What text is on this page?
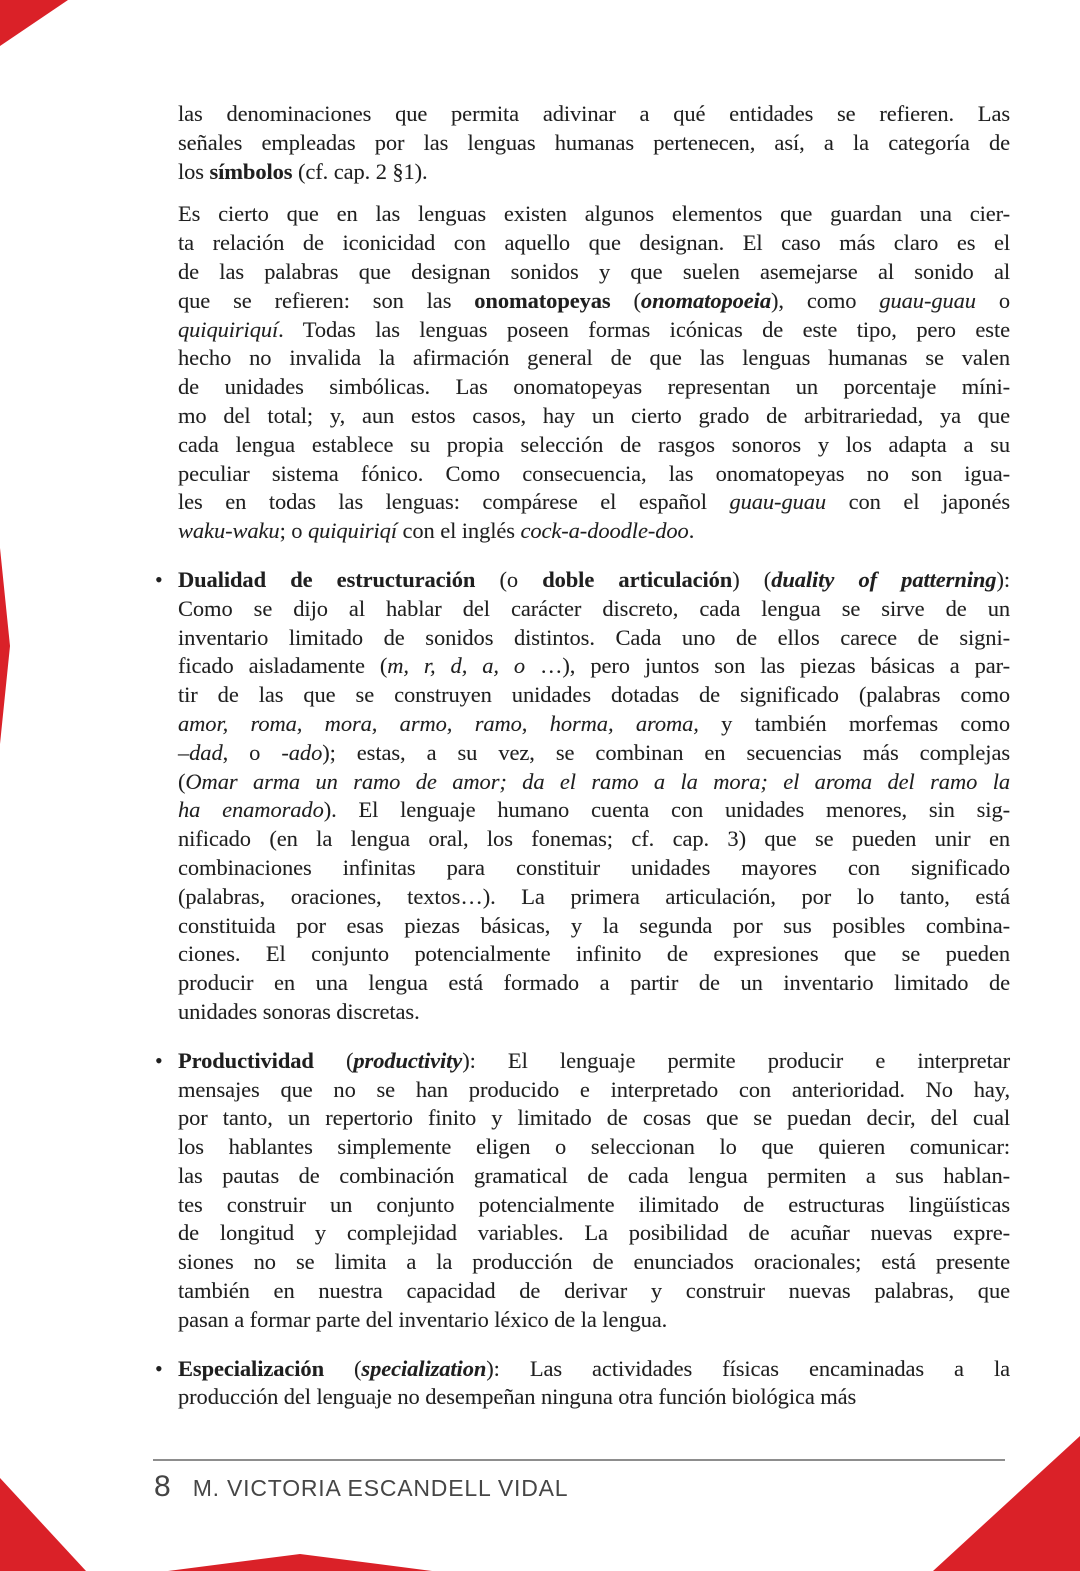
las denominaciones que permita adivinar a qué entidades se refieren. Las
señales empleadas por las lenguas humanas pertenecen, así, a la categoría de
los símbolos (cf. cap. 2 §1).
Es cierto que en las lenguas existen algunos elementos que guardan una cier-
ta relación de iconicidad con aquello que designan. El caso más claro es el
de las palabras que designan sonidos y que suelen asemejarse al sonido al
que se refieren: son las onomatopeyas (onomatopoeia), como guau-guau o
quiquiriquí. Todas las lenguas poseen formas icónicas de este tipo, pero este
hecho no invalida la afirmación general de que las lenguas humanas se valen
de unidades simbólicas. Las onomatopeyas representan un porcentaje míni-
mo del total; y, aun estos casos, hay un cierto grado de arbitrariedad, ya que
cada lengua establece su propia selección de rasgos sonoros y los adapta a su
peculiar sistema fónico. Como consecuencia, las onomatopeyas no son igua-
les en todas las lenguas: compárese el español guau-guau con el japonés
waku-waku; o quiquiriqí con el inglés cock-a-doodle-doo.
• Dualidad de estructuración (o doble articulación) (duality of patterning):
Como se dijo al hablar del carácter discreto, cada lengua se sirve de un
inventario limitado de sonidos distintos. Cada uno de ellos carece de signi-
ficado aisladamente (m, r, d, a, o …), pero juntos son las piezas básicas a par-
tir de las que se construyen unidades dotadas de significado (palabras como
amor, roma, mora, armo, ramo, horma, aroma, y también morfemas como
–dad, o -ado); estas, a su vez, se combinan en secuencias más complejas
(Omar arma un ramo de amor; da el ramo a la mora; el aroma del ramo la
ha enamorado). El lenguaje humano cuenta con unidades menores, sin sig-
nificado (en la lengua oral, los fonemas; cf. cap. 3) que se pueden unir en
combinaciones infinitas para constituir unidades mayores con significado
(palabras, oraciones, textos…). La primera articulación, por lo tanto, está
constituida por esas piezas básicas, y la segunda por sus posibles combina-
ciones. El conjunto potencialmente infinito de expresiones que se pueden
producir en una lengua está formado a partir de un inventario limitado de
unidades sonoras discretas.
• Productividad (productivity): El lenguaje permite producir e interpretar
mensajes que no se han producido e interpretado con anterioridad. No hay,
por tanto, un repertorio finito y limitado de cosas que se puedan decir, del cual
los hablantes simplemente eligen o seleccionan lo que quieren comunicar:
las pautas de combinación gramatical de cada lengua permiten a sus hablan-
tes construir un conjunto potencialmente ilimitado de estructuras lingüísticas
de longitud y complejidad variables. La posibilidad de acuñar nuevas expre-
siones no se limita a la producción de enunciados oracionales; está presente
también en nuestra capacidad de derivar y construir nuevas palabras, que
pasan a formar parte del inventario léxico de la lengua.
• Especialización (specialization): Las actividades físicas encaminadas a la
producción del lenguaje no desempeñan ninguna otra función biológica más
8 M. VICTORIA ESCANDELL VIDAL
